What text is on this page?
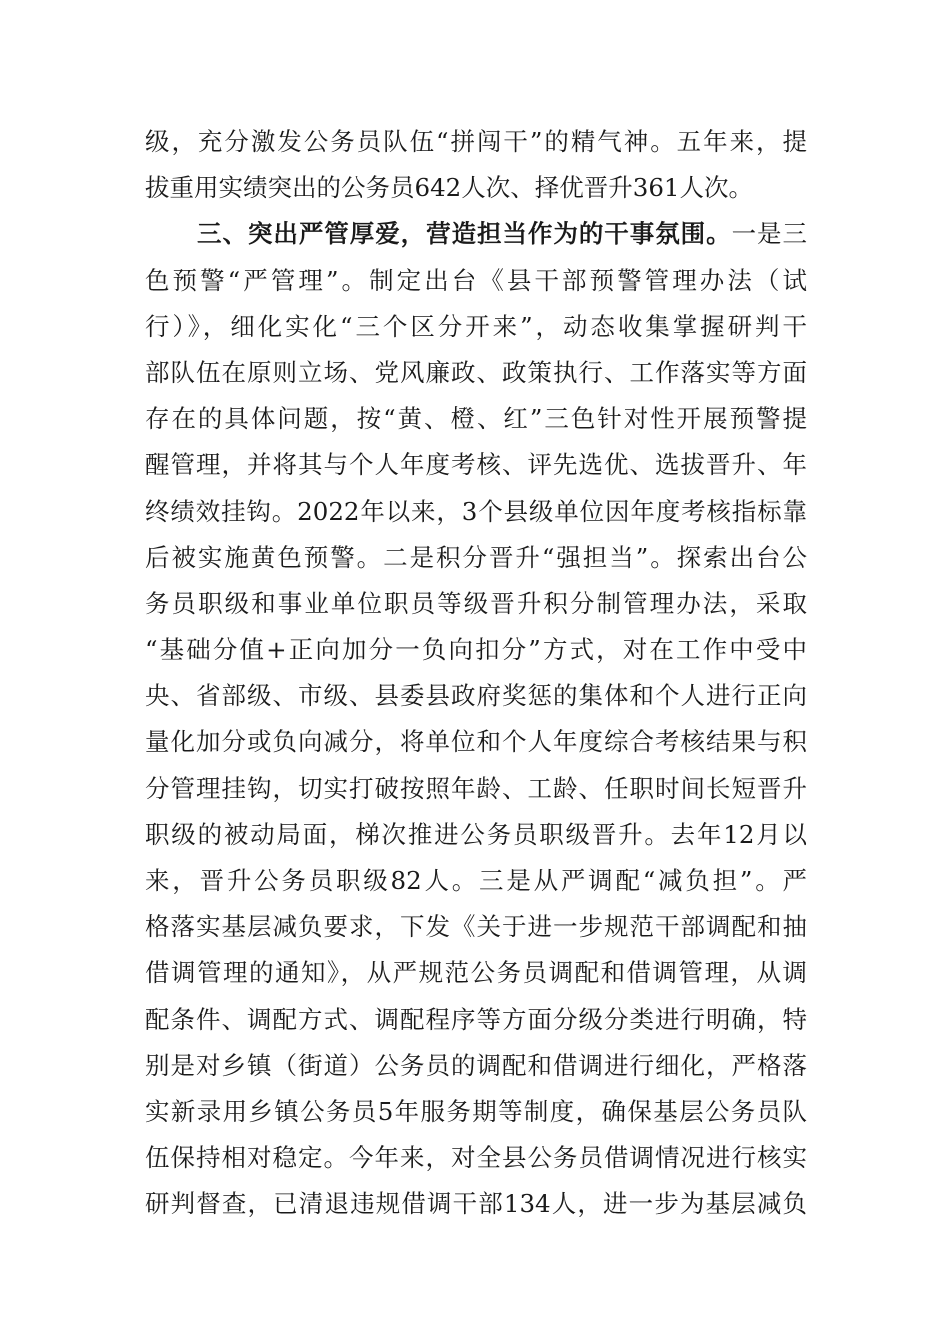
级，充分激发公务员队伍“拼闯干”的精气神。五年来，提
拔重用实绩突出的公务员642人次、择优晋升361人次。
三、突出严管厚爱，营造担当作为的干事氛围。一是三
色预警“严管理”。制定出台《县干部预警管理办法（试
行）》，细化实化“三个区分开来”，动态收集掌握研判干
部队伍在原则立场、党风廉政、政策执行、工作落实等方面
存在的具体问题，按“黄、橙、红”三色针对性开展预警提
醒管理，并将其与个人年度考核、评先选优、选拔晋升、年
终绩效挂钩。2022年以来，3个县级单位因年度考核指标靠
后被实施黄色预警。二是积分晋升“强担当”。探索出台公
务员职级和事业单位职员等级晋升积分制管理办法，采取
“基础分值+正向加分一负向扣分”方式，对在工作中受中
央、省部级、市级、县委县政府奖惩的集体和个人进行正向
量化加分或负向减分，将单位和个人年度综合考核结果与积
分管理挂钩，切实打破按照年龄、工龄、任职时间长短晋升
职级的被动局面，梯次推进公务员职级晋升。去年12月以
来，晋升公务员职级82人。三是从严调配“减负担”。严
格落实基层减负要求，下发《关于进一步规范干部调配和抽
借调管理的通知》，从严规范公务员调配和借调管理，从调
配条件、调配方式、调配程序等方面分级分类进行明确，特
别是对乡镇（街道）公务员的调配和借调进行细化，严格落
实新录用乡镇公务员5年服务期等制度，确保基层公务员队
伍保持相对稳定。今年来，对全县公务员借调情况进行核实
研判督查，已清退违规借调干部134人，进一步为基层减负
